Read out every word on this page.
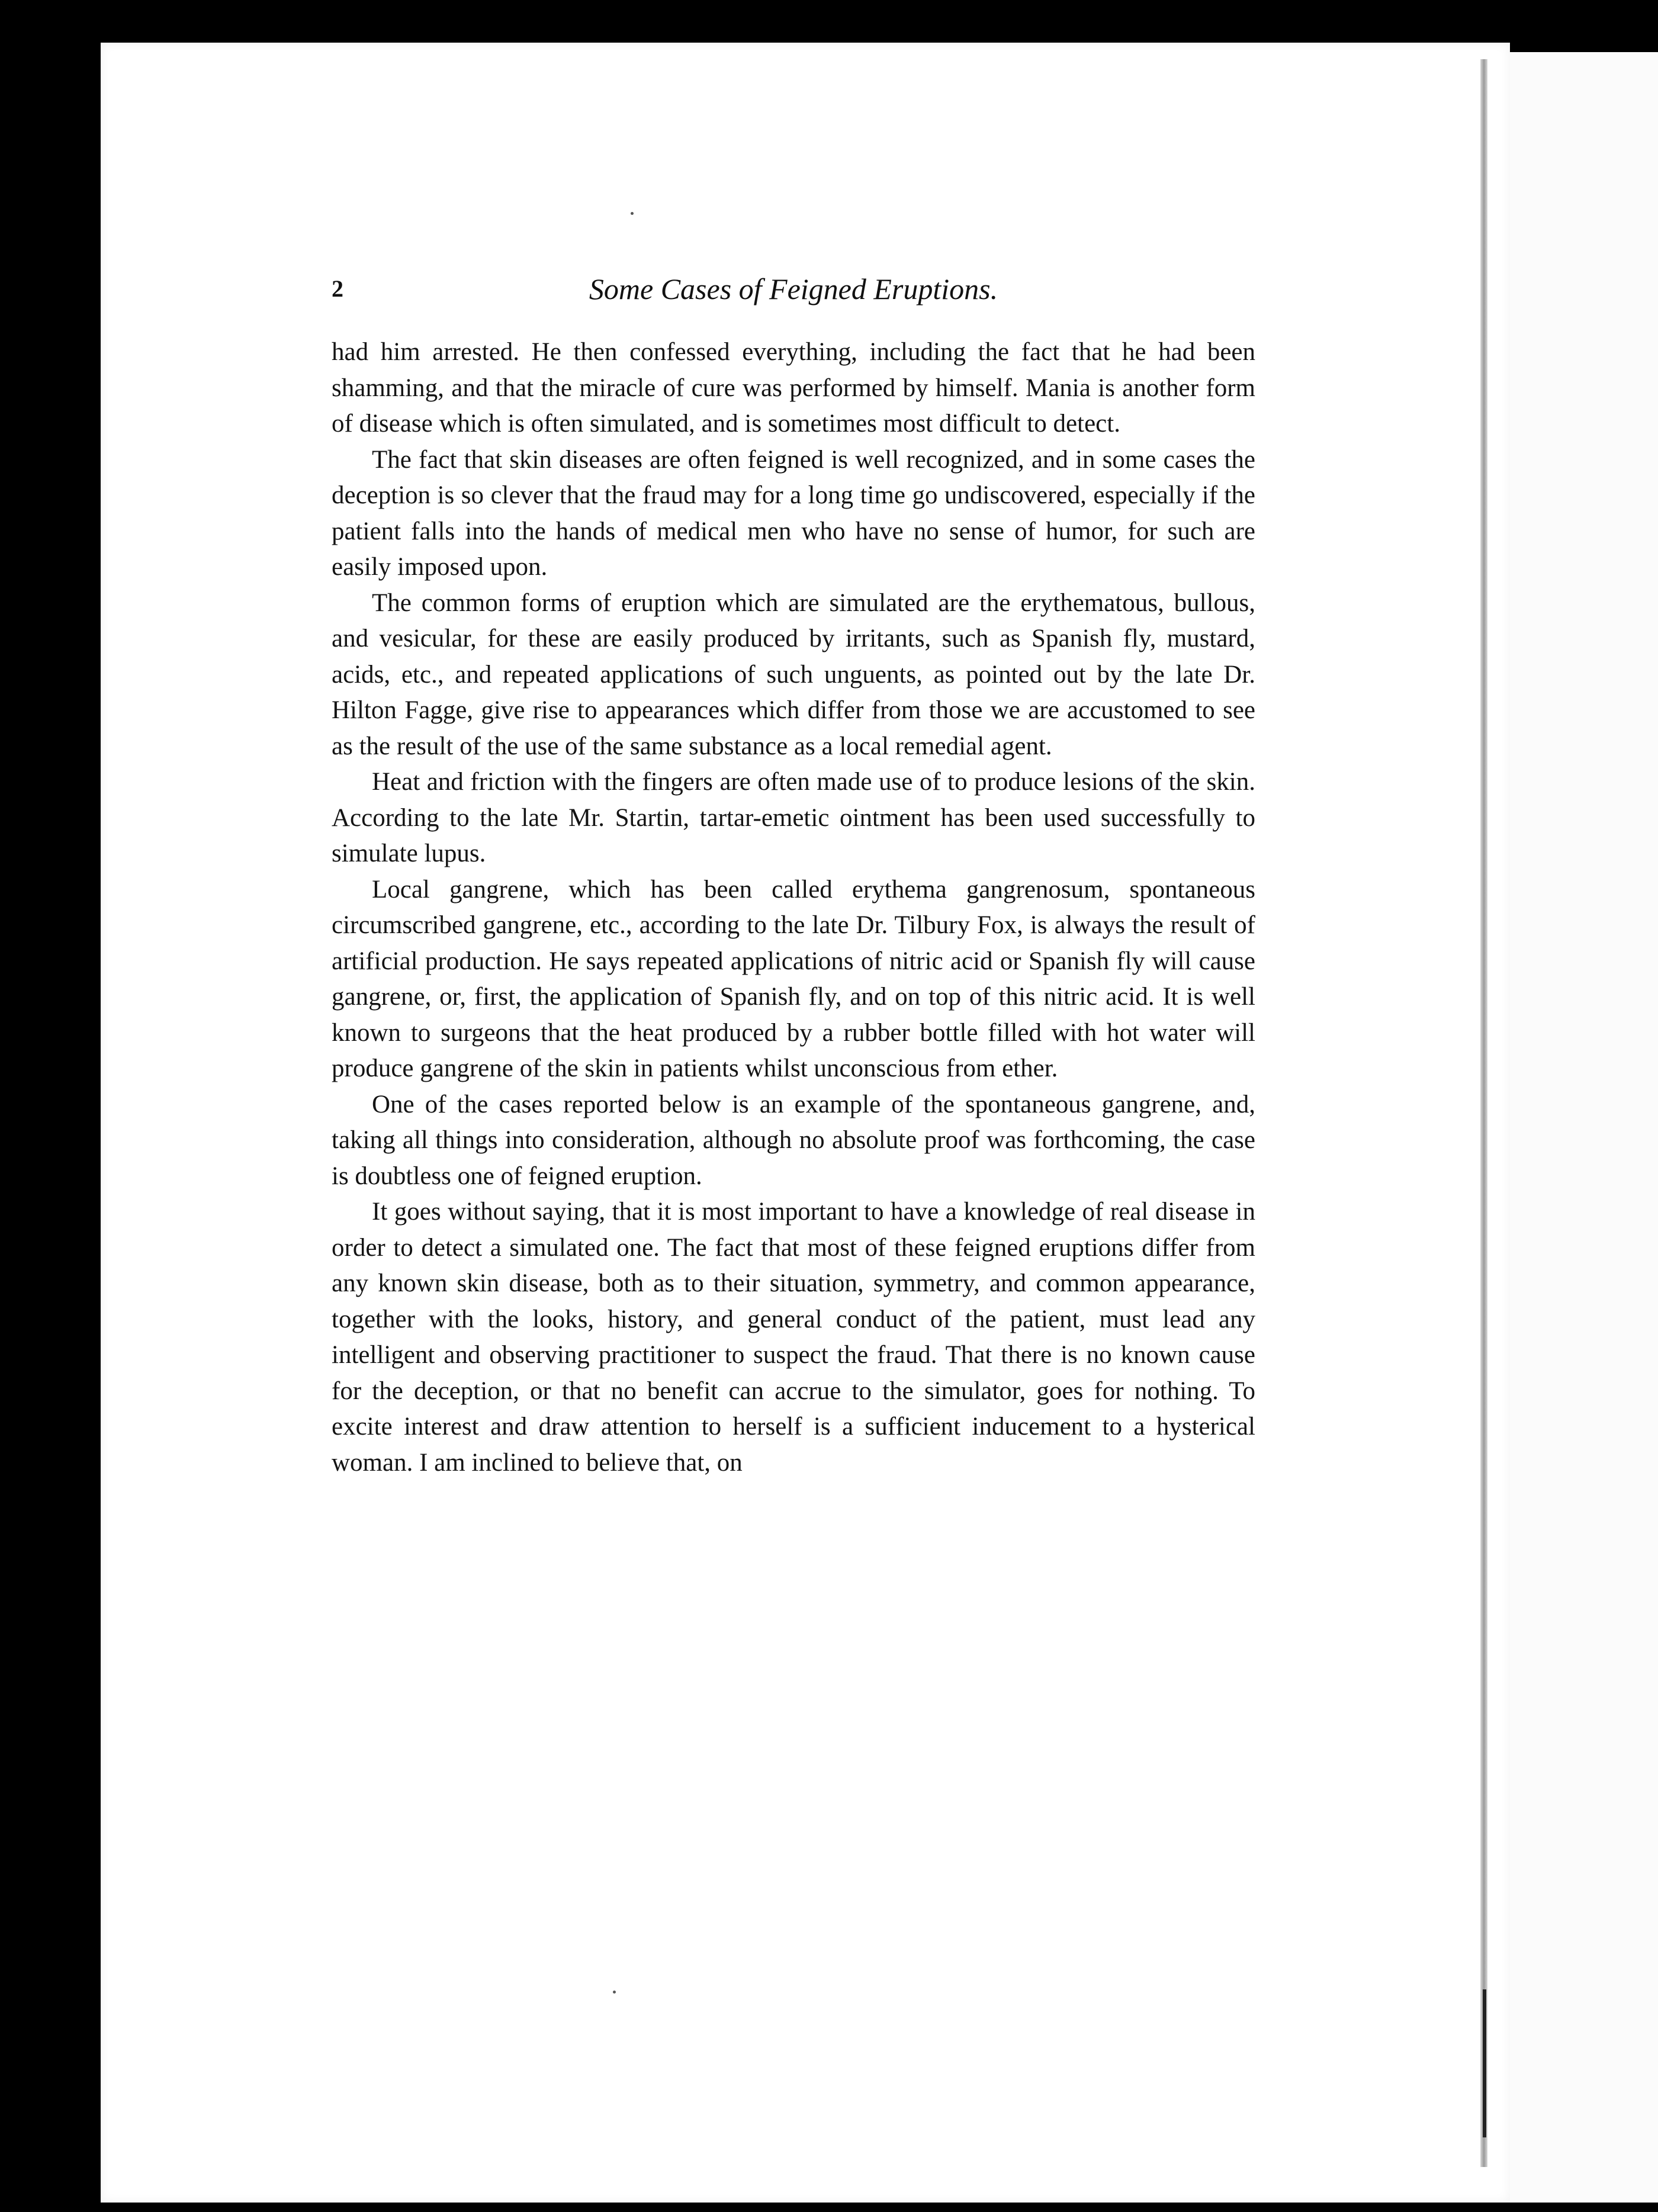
2	Some Cases of Feigned Eruptions.

had him arrested. He then confessed everything, including the fact that he had been shamming, and that the miracle of cure was performed by himself. Mania is another form of disease which is often simulated, and is sometimes most difficult to detect.

The fact that skin diseases are often feigned is well recognized, and in some cases the deception is so clever that the fraud may for a long time go undiscovered, especially if the patient falls into the hands of medical men who have no sense of humor, for such are easily imposed upon.

The common forms of eruption which are simulated are the erythematous, bullous, and vesicular, for these are easily produced by irritants, such as Spanish fly, mustard, acids, etc., and repeated applications of such unguents, as pointed out by the late Dr. Hilton Fagge, give rise to appearances which differ from those we are accustomed to see as the result of the use of the same substance as a local remedial agent.

Heat and friction with the fingers are often made use of to produce lesions of the skin. According to the late Mr. Startin, tartar-emetic ointment has been used successfully to simulate lupus.

Local gangrene, which has been called erythema gangrenosum, spontaneous circumscribed gangrene, etc., according to the late Dr. Tilbury Fox, is always the result of artificial production. He says repeated applications of nitric acid or Spanish fly will cause gangrene, or, first, the application of Spanish fly, and on top of this nitric acid. It is well known to surgeons that the heat produced by a rubber bottle filled with hot water will produce gangrene of the skin in patients whilst unconscious from ether.

One of the cases reported below is an example of the spontaneous gangrene, and, taking all things into consideration, although no absolute proof was forthcoming, the case is doubtless one of feigned eruption.

It goes without saying, that it is most important to have a knowledge of real disease in order to detect a simulated one. The fact that most of these feigned eruptions differ from any known skin disease, both as to their situation, symmetry, and common appearance, together with the looks, history, and general conduct of the patient, must lead any intelligent and observing practitioner to suspect the fraud. That there is no known cause for the deception, or that no benefit can accrue to the simulator, goes for nothing. To excite interest and draw attention to herself is a sufficient inducement to a hysterical woman. I am inclined to believe that, on
